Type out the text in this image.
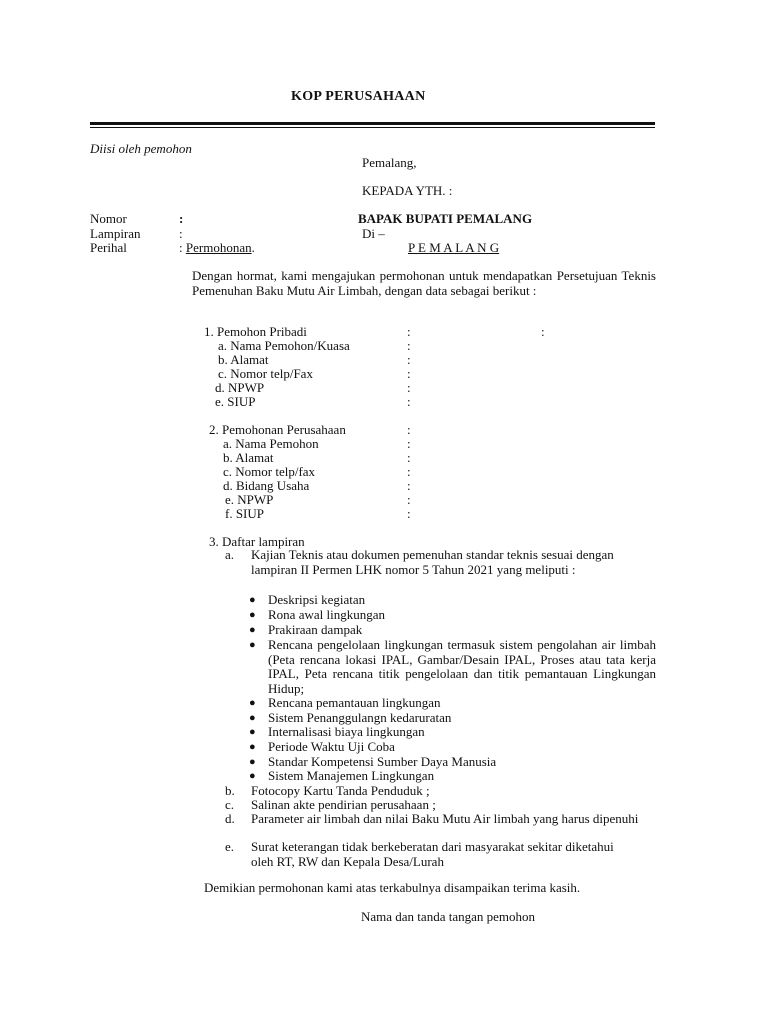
KOP PERUSAHAAN
Diisi oleh pemohon
Pemalang,
KEPADA YTH. :
Nomor	:	BAPAK BUPATI PEMALANG
Lampiran	:	Di –
Perihal	: Permohonan.	P E M A L A N G
Dengan hormat, kami mengajukan permohonan untuk mendapatkan Persetujuan Teknis Pemenuhan Baku Mutu Air Limbah, dengan data sebagai berikut :
1. Pemohon Pribadi	:	:
a. Nama Pemohon/Kuasa	:
b. Alamat	:
c. Nomor telp/Fax	:
d. NPWP	:
e. SIUP	:
2. Pemohonan Perusahaan	:
a. Nama Pemohon	:
b. Alamat	:
c. Nomor telp/fax	:
d. Bidang Usaha	:
e. NPWP	:
f. SIUP	:
3. Daftar lampiran
a. Kajian Teknis atau dokumen pemenuhan standar teknis sesuai dengan lampiran II Permen LHK nomor 5 Tahun 2021 yang meliputi :
● Deskripsi kegiatan
● Rona awal lingkungan
● Prakiraan dampak
● Rencana pengelolaan lingkungan termasuk sistem pengolahan air limbah (Peta rencana lokasi IPAL, Gambar/Desain IPAL, Proses atau tata kerja IPAL, Peta rencana titik pengelolaan dan titik pemantauan Lingkungan Hidup;
● Rencana pemantauan lingkungan
● Sistem Penanggulangn kedaruratan
● Internalisasi biaya lingkungan
● Periode Waktu Uji Coba
● Standar Kompetensi Sumber Daya Manusia
● Sistem Manajemen Lingkungan
b. Fotocopy Kartu Tanda Penduduk ;
c. Salinan akte pendirian perusahaan ;
d. Parameter air limbah dan nilai Baku Mutu Air limbah yang harus dipenuhi
e. Surat keterangan tidak berkeberatan dari masyarakat sekitar diketahui oleh RT, RW dan Kepala Desa/Lurah
Demikian permohonan kami atas terkabulnya disampaikan terima kasih.
Nama dan tanda tangan pemohon
